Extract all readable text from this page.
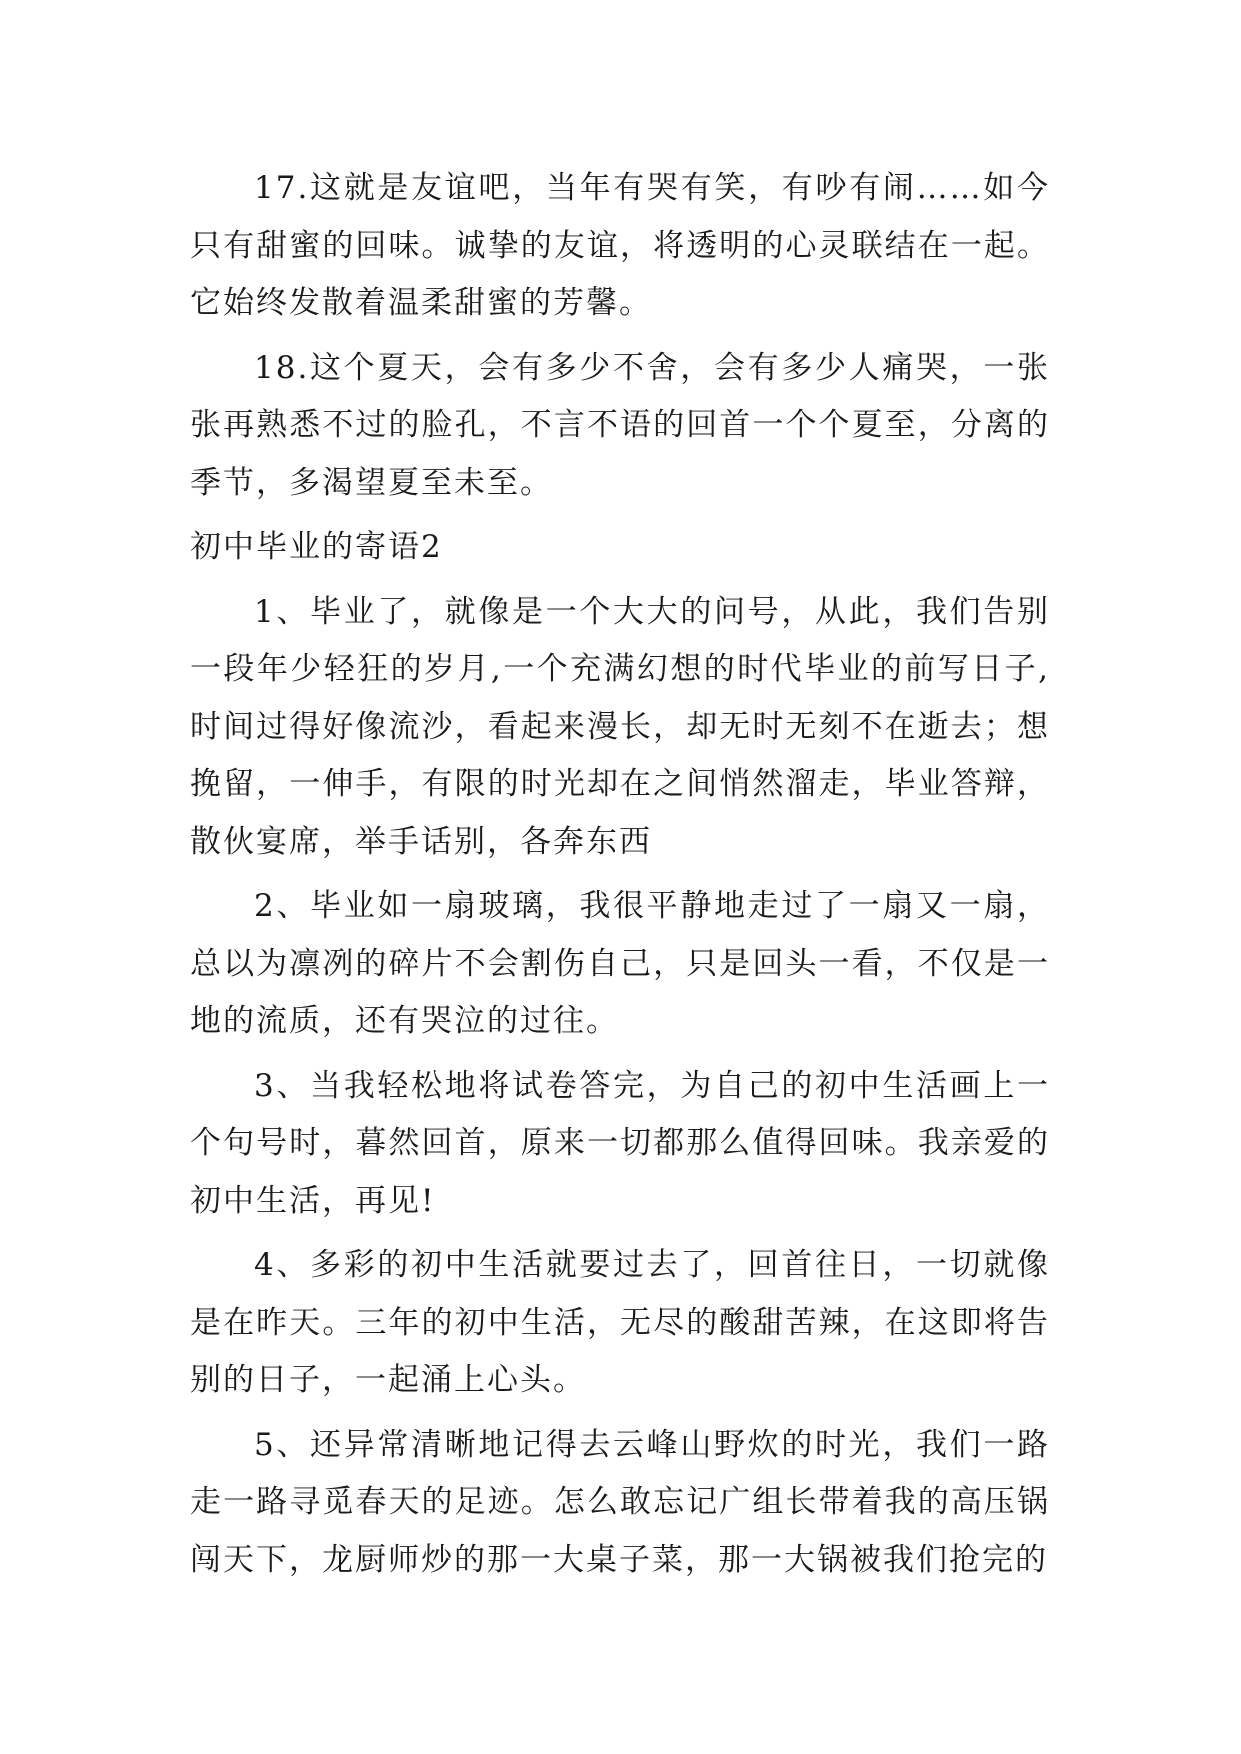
17.这就是友谊吧，当年有哭有笑，有吵有闹……如今只有甜蜜的回味。诚挚的友谊，将透明的心灵联结在一起。它始终发散着温柔甜蜜的芳馨。

18.这个夏天，会有多少不舍，会有多少人痛哭，一张张再熟悉不过的脸孔，不言不语的回首一个个夏至，分离的季节，多渴望夏至未至。

初中毕业的寄语2

1、毕业了，就像是一个大大的问号，从此，我们告别一段年少轻狂的岁月,一个充满幻想的时代毕业的前写日子,时间过得好像流沙，看起来漫长，却无时无刻不在逝去；想挽留，一伸手，有限的时光却在之间悄然溜走，毕业答辩，散伙宴席，举手话别，各奔东西

2、毕业如一扇玻璃，我很平静地走过了一扇又一扇，总以为凛冽的碎片不会割伤自己，只是回头一看，不仅是一地的流质，还有哭泣的过往。

3、当我轻松地将试卷答完，为自己的初中生活画上一个句号时，暮然回首，原来一切都那么值得回味。我亲爱的初中生活，再见!

4、多彩的初中生活就要过去了，回首往日，一切就像是在昨天。三年的初中生活，无尽的酸甜苦辣，在这即将告别的日子，一起涌上心头。

5、还异常清晰地记得去云峰山野炊的时光，我们一路走一路寻觅春天的足迹。怎么敢忘记广组长带着我的高压锅闯天下，龙厨师炒的那一大桌子菜，那一大锅被我们抢完的
